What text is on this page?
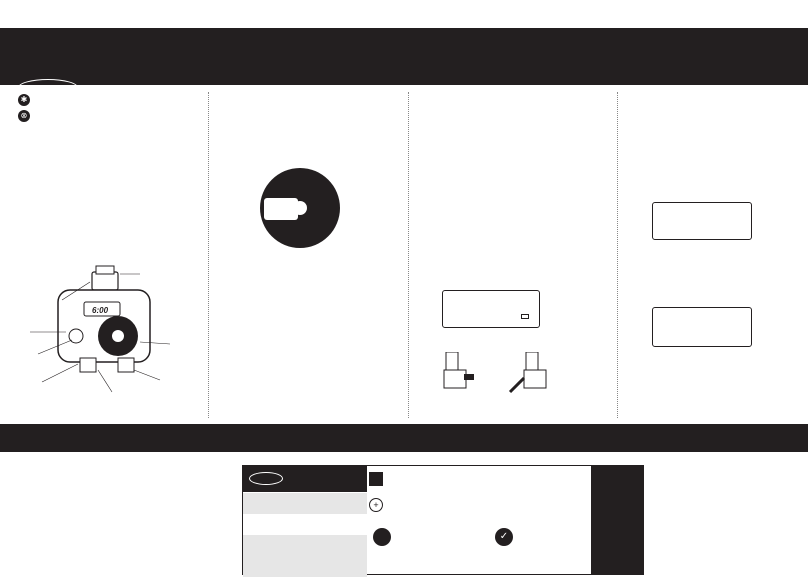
✱
⊗
6:00
+
✓
